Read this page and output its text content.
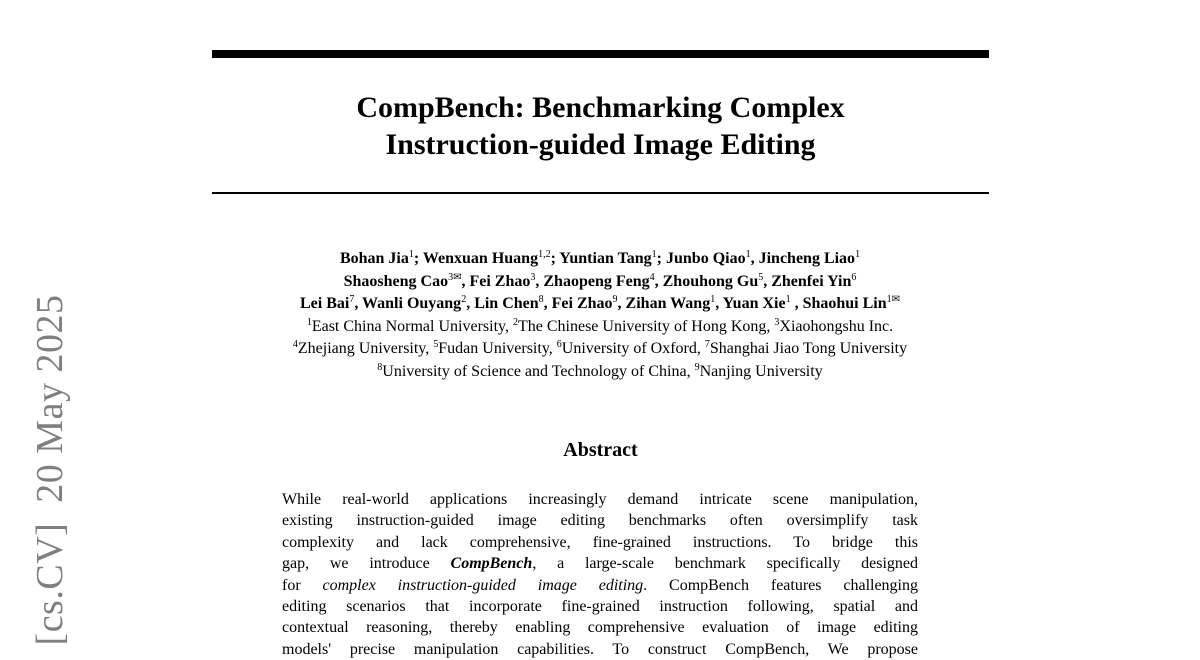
[cs.CV]  20 May 2025
CompBench: Benchmarking Complex
Instruction-guided Image Editing
Bohan Jia$^1$; Wenxuan Huang$^{1,2}$; Yuntian Tang$^1$; Junbo Qiao$^1$, Jincheng Liao$^1$
Shaosheng Cao$^{3✉}$, Fei Zhao$^3$, Zhaopeng Feng$^4$, Zhouhong Gu$^5$, Zhenfei Yin$^6$
Lei Bai$^7$, Wanli Ouyang$^2$, Lin Chen$^8$, Fei Zhao$^9$, Zihan Wang$^1$, Yuan Xie$^1$ , Shaohui Lin$^{1✉}$
$^1$East China Normal University, $^2$The Chinese University of Hong Kong, $^3$Xiaohongshu Inc.
$^4$Zhejiang University, $^5$Fudan University, $^6$University of Oxford, $^7$Shanghai Jiao Tong University
$^8$University of Science and Technology of China, $^9$Nanjing University
Abstract
While real-world applications increasingly demand intricate scene manipulation,
existing instruction-guided image editing benchmarks often oversimplify task
complexity and lack comprehensive, fine-grained instructions. To bridge this
gap, we introduce CompBench, a large-scale benchmark specifically designed
for complex instruction-guided image editing. CompBench features challenging
editing scenarios that incorporate fine-grained instruction following, spatial and
contextual reasoning, thereby enabling comprehensive evaluation of image editing
models' precise manipulation capabilities. To construct CompBench, We propose
